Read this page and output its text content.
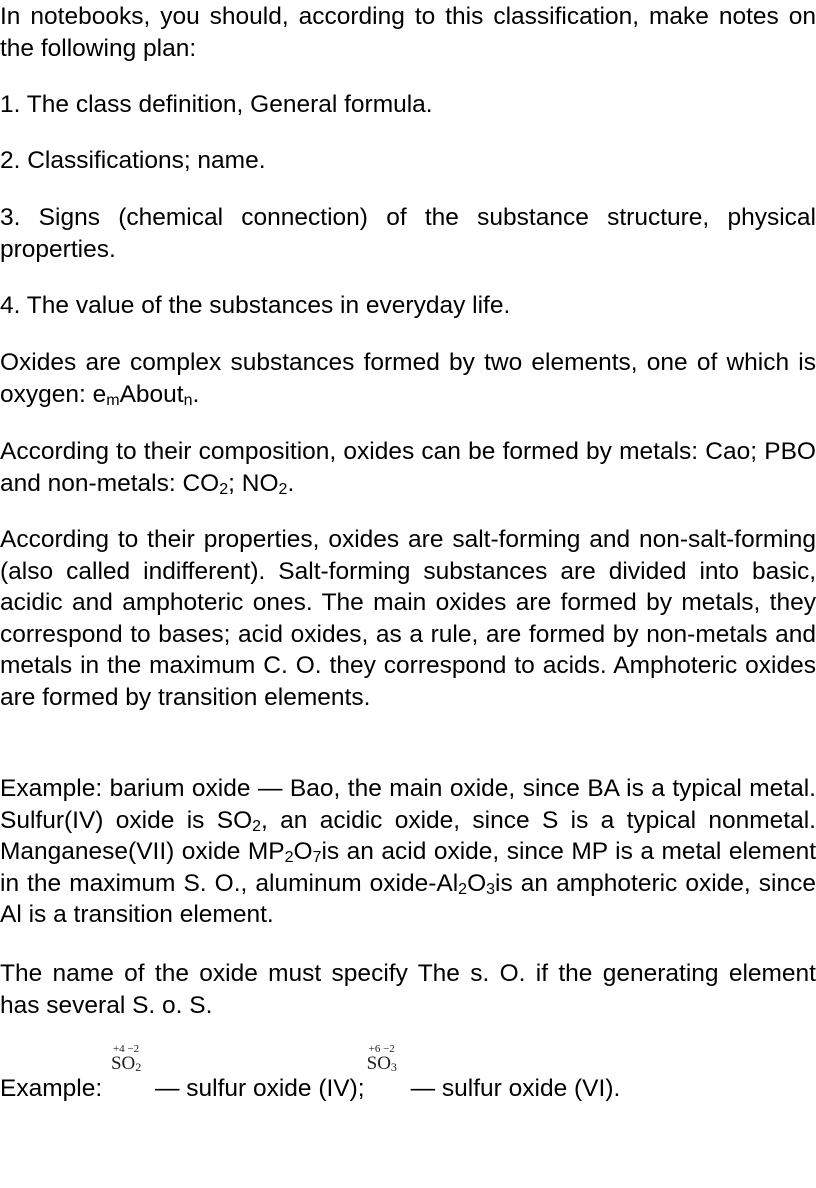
In notebooks, you should, according to this classification, make notes on the following plan:

1. The class definition, General formula.

2. Classifications; name.

3. Signs (chemical connection) of the substance structure, physical properties.

4. The value of the substances in everyday life.

Oxides are complex substances formed by two elements, one of which is oxygen: emAboutn.

According to their composition, oxides can be formed by metals: Cao; PBO and non-metals: CO2; NO2.

According to their properties, oxides are salt-forming and non-salt-forming (also called indifferent). Salt-forming substances are divided into basic, acidic and amphoteric ones. The main oxides are formed by metals, they correspond to bases; acid oxides, as a rule, are formed by non-metals and metals in the maximum C. O. they correspond to acids. Amphoteric oxides are formed by transition elements.

Example: barium oxide — Bao, the main oxide, since BA is a typical metal. Sulfur(IV) oxide is SO2, an acidic oxide, since S is a typical nonmetal. Manganese(VII) oxide MP2O7is an acid oxide, since MP is a metal element in the maximum S. O., aluminum oxide-Al2O3is an amphoteric oxide, since Al is a transition element.

The name of the oxide must specify The s. O. if the generating element has several S. o. S.

Example:
+4 −2
SO2
— sulfur oxide (IV);
+6 −2
SO3
— sulfur oxide (VI).
